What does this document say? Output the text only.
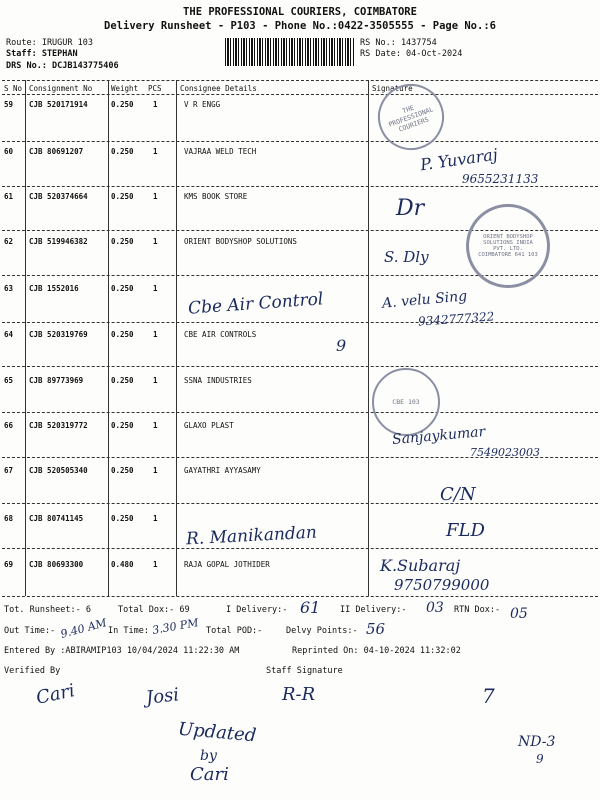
THE PROFESSIONAL COURIERS, COIMBATORE
Delivery Runsheet - P103 - Phone No.:0422-3505555 - Page No.:6
Route: IRUGUR 103
Staff: STEPHAN
DRS No.: DCJB143775406
RS No.: 1437754
RS Date: 04-Oct-2024
S No Consignment No	Weight PCS Consignee Details	Signature
59 CJB 520171914	0.250	1	V R ENGG
60 CJB 80691207	0.250	1	VAJRAA WELD TECH
61 CJB 520374664	0.250	1	KMS BOOK STORE
62 CJB 519946382	0.250	1	ORIENT BODYSHOP SOLUTIONS
63 CJB 1552016	0.250	1
64 CJB 520319769	0.250	1	CBE AIR CONTROLS
65 CJB 89773969	0.250	1	SSNA INDUSTRIES
66 CJB 520319772	0.250	1	GLAXO PLAST
67 CJB 520505340	0.250	1	GAYATHRI AYYASAMY
68 CJB 80741145	0.250	1
69 CJB 80693300	0.480	1	RAJA GOPAL JOTHIDER
THE PROFESSIONAL COURIERS
ORIENT BODYSHOP SOLUTIONS INDIA PVT. LTD. COIMBATORE 641 103
CBE 103
P. Yuvaraj
9655231133
Dr
S. Dly
Cbe Air Control	A. velu Sing
9342777322
9
Sanjaykumar
7549023003
C/N
R. Manikandan	FLD
K.Subaraj
9750799000
Tot. Runsheet:- 6	Total Dox:- 69	I Delivery:- 61 II Delivery:- 03 RTN Dox:- 05
Out Time:- 9.40 AM In Time: 3.30 PM Total POD:-	Delvy Points:- 56
Entered By :ABIRAMIP103 10/04/2024 11:22:30 AM	Reprinted On: 04-10-2024 11:32:02
Verified By	Staff Signature
Cari	Josi	R-R	7
Updated
by
Cari
ND-3
9
